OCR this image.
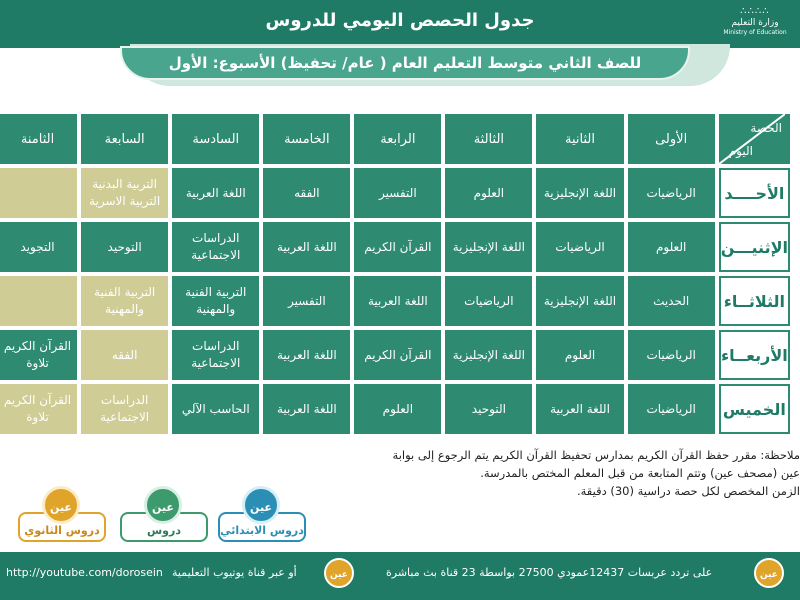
جدول الحصص اليومي للدروس	∴∴∴∴
وزارة التعليم
Ministry of Education
للصف الثاني متوسط التعليم العام ( عام/ تحفيظ) الأسبوع: الأول
الحصة
اليوم	الأولى	الثانية	الثالثة	الرابعة	الخامسة	السادسة	السابعة	الثامنة
الأحــــد	الرياضيات	اللغة الإنجليزية	العلوم	التفسير	الفقه	اللغة العربية	التربية البدنية التربية الاسرية	
الإثنيـــن	العلوم	الرياضيات	اللغة الإنجليزية	القرآن الكريم	اللغة العربية	الدراسات الاجتماعية	التوحيد	التجويد
الثلاثــاء	الحديث	اللغة الإنجليزية	الرياضيات	اللغة العربية	التفسير	التربية الفنية والمهنية	التربية الفنية والمهنية	
الأربعــاء	الرياضيات	العلوم	اللغة الإنجليزية	القرآن الكريم	اللغة العربية	الدراسات الاجتماعية	الفقه	القرآن الكريم تلاوة
الخميس	الرياضيات	اللغة العربية	التوحيد	العلوم	اللغة العربية	الحاسب الآلي	الدراسات الاجتماعية	القرآن الكريم تلاوة
ملاحظة: مقرر حفظ القرآن الكريم بمدارس تحفيظ القرآن الكريم يتم الرجوع إلى بوابة
عين (مصحف عين) وتتم المتابعة من قبل المعلم المختص بالمدرسة.
الزمن المخصص لكل حصة دراسية (30) دقيقة.
دروس الابتدائي
عين
دروس
عين
دروس الثانوي
عين
عين
على تردد عربسات 12437عمودي 27500 بواسطة 23 قناة بث مباشرة
عين
أو عبر قناة يوتيوب التعليمية
http://youtube.com/dorosein
